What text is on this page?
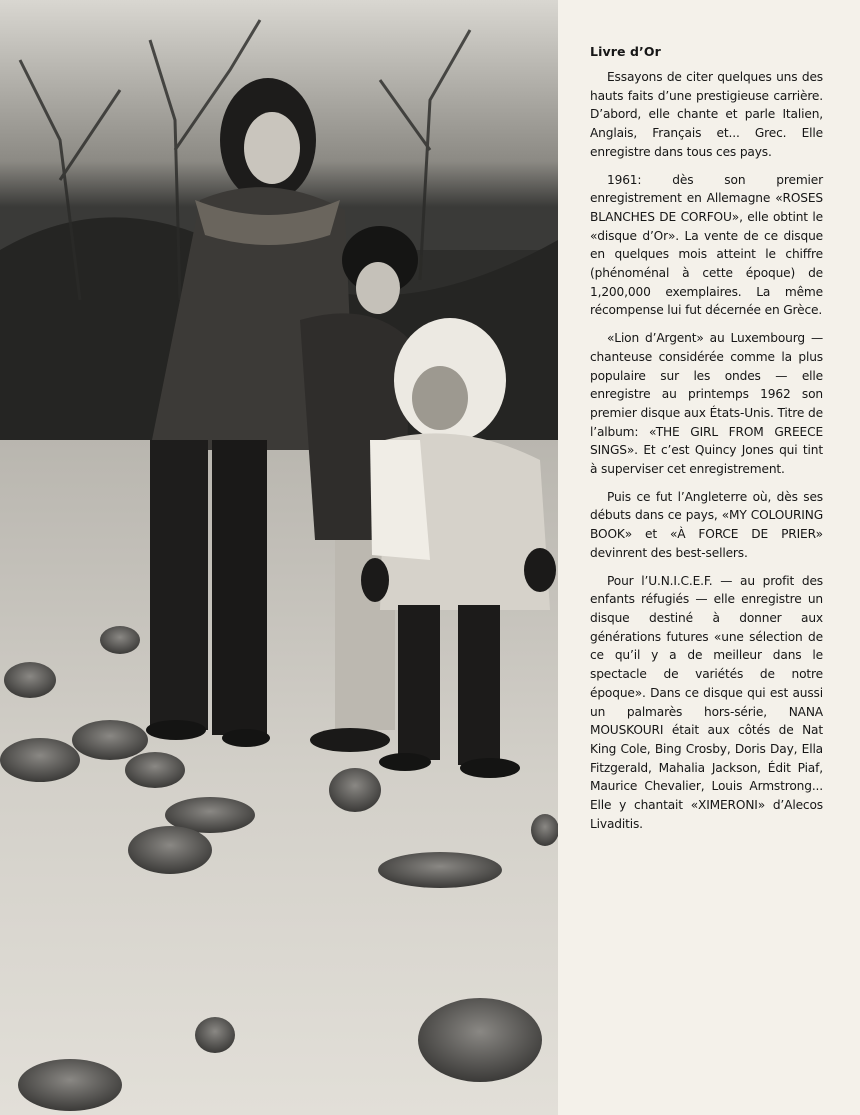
Livre d’Or

Essayons de citer quelques uns des hauts faits d’une prestigieuse carrière. D’abord, elle chante et parle Italien, Anglais, Français et... Grec. Elle enregistre dans tous ces pays.

1961: dès son premier enregistrement en Allemagne «ROSES BLANCHES DE CORFOU», elle obtint le «disque d’Or». La vente de ce disque en quelques mois atteint le chiffre (phénoménal à cette époque) de 1,200,000 exemplaires. La même récompense lui fut décernée en Grèce.

«Lion d’Argent» au Luxembourg — chanteuse considérée comme la plus populaire sur les ondes — elle enregistre au printemps 1962 son premier disque aux États-Unis. Titre de l’album: «THE GIRL FROM GREECE SINGS». Et c’est Quincy Jones qui tint à superviser cet enregistrement.

Puis ce fut l’Angleterre où, dès ses débuts dans ce pays, «MY COLOURING BOOK» et «À FORCE DE PRIER» devinrent des best-sellers.

Pour l’U.N.I.C.E.F. — au profit des enfants réfugiés — elle enregistre un disque destiné à donner aux générations futures «une sélection de ce qu’il y a de meilleur dans le spectacle de variétés de notre époque». Dans ce disque qui est aussi un palmarès hors-série, NANA MOUSKOURI était aux côtés de Nat King Cole, Bing Crosby, Doris Day, Ella Fitzgerald, Mahalia Jackson, Édit Piaf, Maurice Chevalier, Louis Armstrong... Elle y chantait «XIMERONI» d’Alecos Livaditis.
